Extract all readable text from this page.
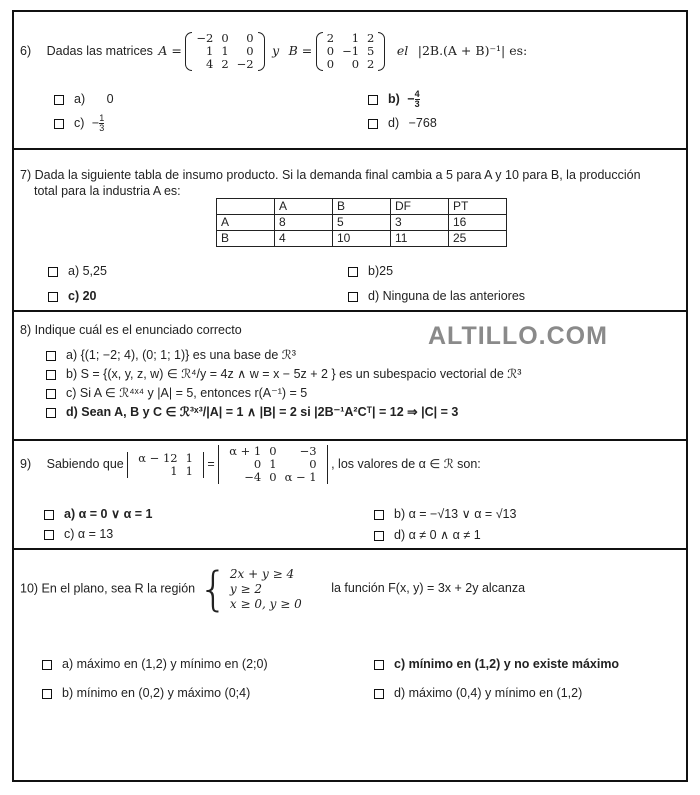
6) Dadas las matrices A =
−2	0	0
1	1	0
4	2	−2
y B =
2	1	2
0	−1	5
0	0	2
el |2B.(A + B)⁻¹| es:
a) 0	$b) - \frac{4}{3}$
$c) - \frac{1}{3}$	d) −768
7) Dada la siguiente tabla de insumo producto. Si la demanda final cambia a 5 para A y 10 para B, la producción
total para la industria A es:
	A	B	DF	PT
A	8	5	3	16
B	4	10	11	25
a) 5,25	b)25
c) 20	d) Ninguna de las anteriores
8) Indique cuál es el enunciado correcto	ALTILLO.COM
a) {(1; −2; 4), (0; 1; 1)} es una base de ℛ³
b) S = {(x, y, z, w) ∈ ℛ⁴/y = 4z ∧ w = x − 5z + 2 } es un subespacio vectorial de ℛ³
c) Si A ∈ ℛ⁴ˣ⁴ y |A| = 5, entonces r(A⁻¹) = 5
d) Sean A, B y C ∈ ℛ³ˣ³/|A| = 1 ∧ |B| = 2 si |2B⁻¹A²Cᵀ| = 12 ⇒ |C| = 3
9) Sabiendo que α − 12	1
1	1 =
α + 1	0	−3
0	1	0
−4	0	α − 1
, los valores de α ∈ ℛ son:
a) α = 0 ∨ α = 1	b) α = −√13 ∨ α = √13
c) α = 13	d) α ≠ 0 ∧ α ≠ 1
10) En el plano, sea R la región { 2x + y ≥ 4
y ≥ 2
x ≥ 0, y ≥ 0
la función F(x, y) = 3x + 2y alcanza
a) máximo en (1,2) y mínimo en (2;0)	c) mínimo en (1,2) y no existe máximo
b) mínimo en (0,2) y máximo (0;4)	d) máximo (0,4) y mínimo en (1,2)
